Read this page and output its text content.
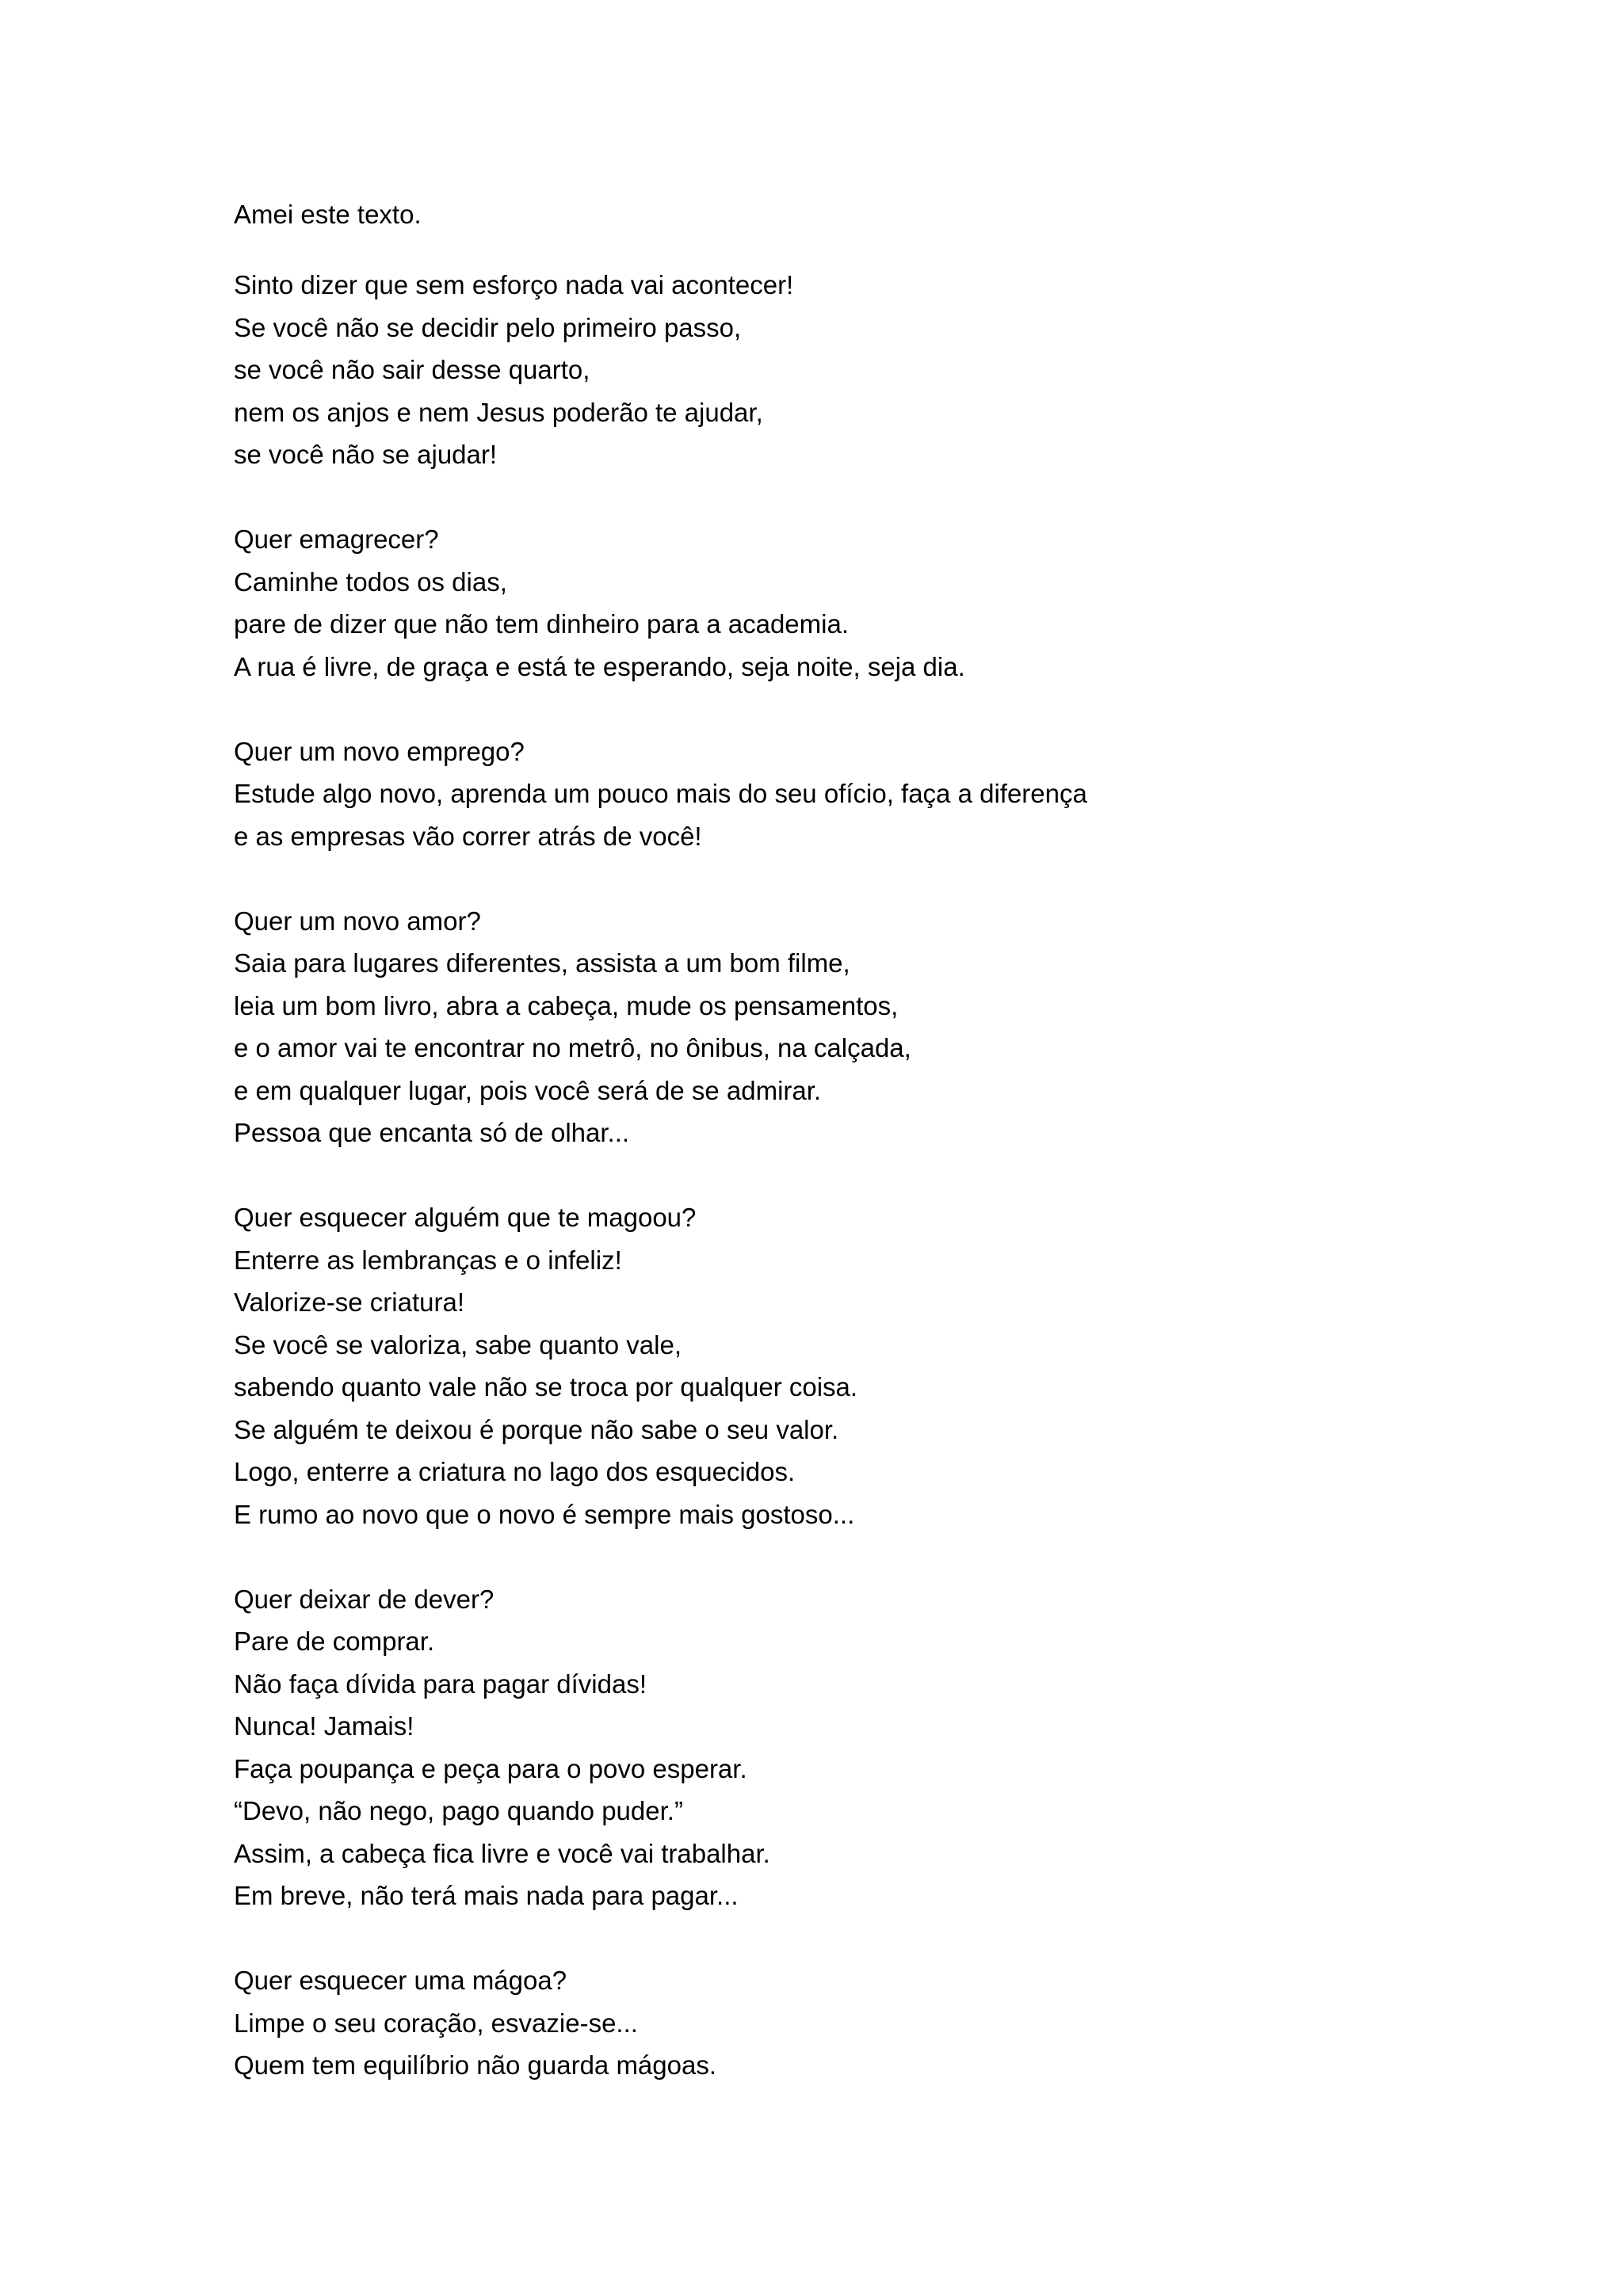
Amei este texto.

Sinto dizer que sem esforço nada vai acontecer!
Se você não se decidir pelo primeiro passo,
se você não sair desse quarto,
nem os anjos e nem Jesus poderão te ajudar,
se você não se ajudar!
Quer emagrecer?
Caminhe todos os dias,
pare de dizer que não tem dinheiro para a academia.
A rua é livre, de graça e está te esperando, seja noite, seja dia.
Quer um novo emprego?
Estude algo novo, aprenda um pouco mais do seu ofício, faça a diferença
e as empresas vão correr atrás de você!
Quer um novo amor?
Saia para lugares diferentes, assista a um bom filme,
leia um bom livro, abra a cabeça, mude os pensamentos,
e o amor vai te encontrar no metrô, no ônibus, na calçada,
e em qualquer lugar, pois você será de se admirar.
Pessoa que encanta só de olhar...
Quer esquecer alguém que te magoou?
Enterre as lembranças e o infeliz!
Valorize-se criatura!
Se você se valoriza, sabe quanto vale,
sabendo quanto vale não se troca por qualquer coisa.
Se alguém te deixou é porque não sabe o seu valor.
Logo, enterre a criatura no lago dos esquecidos.
E rumo ao novo que o novo é sempre mais gostoso...
Quer deixar de dever?
Pare de comprar.
Não faça dívida para pagar dívidas!
Nunca! Jamais!
Faça poupança e peça para o povo esperar.
“Devo, não nego, pago quando puder.”
Assim, a cabeça fica livre e você vai trabalhar.
Em breve, não terá mais nada para pagar...
Quer esquecer uma mágoa?
Limpe o seu coração, esvazie-se...
Quem tem equilíbrio não guarda mágoas.
